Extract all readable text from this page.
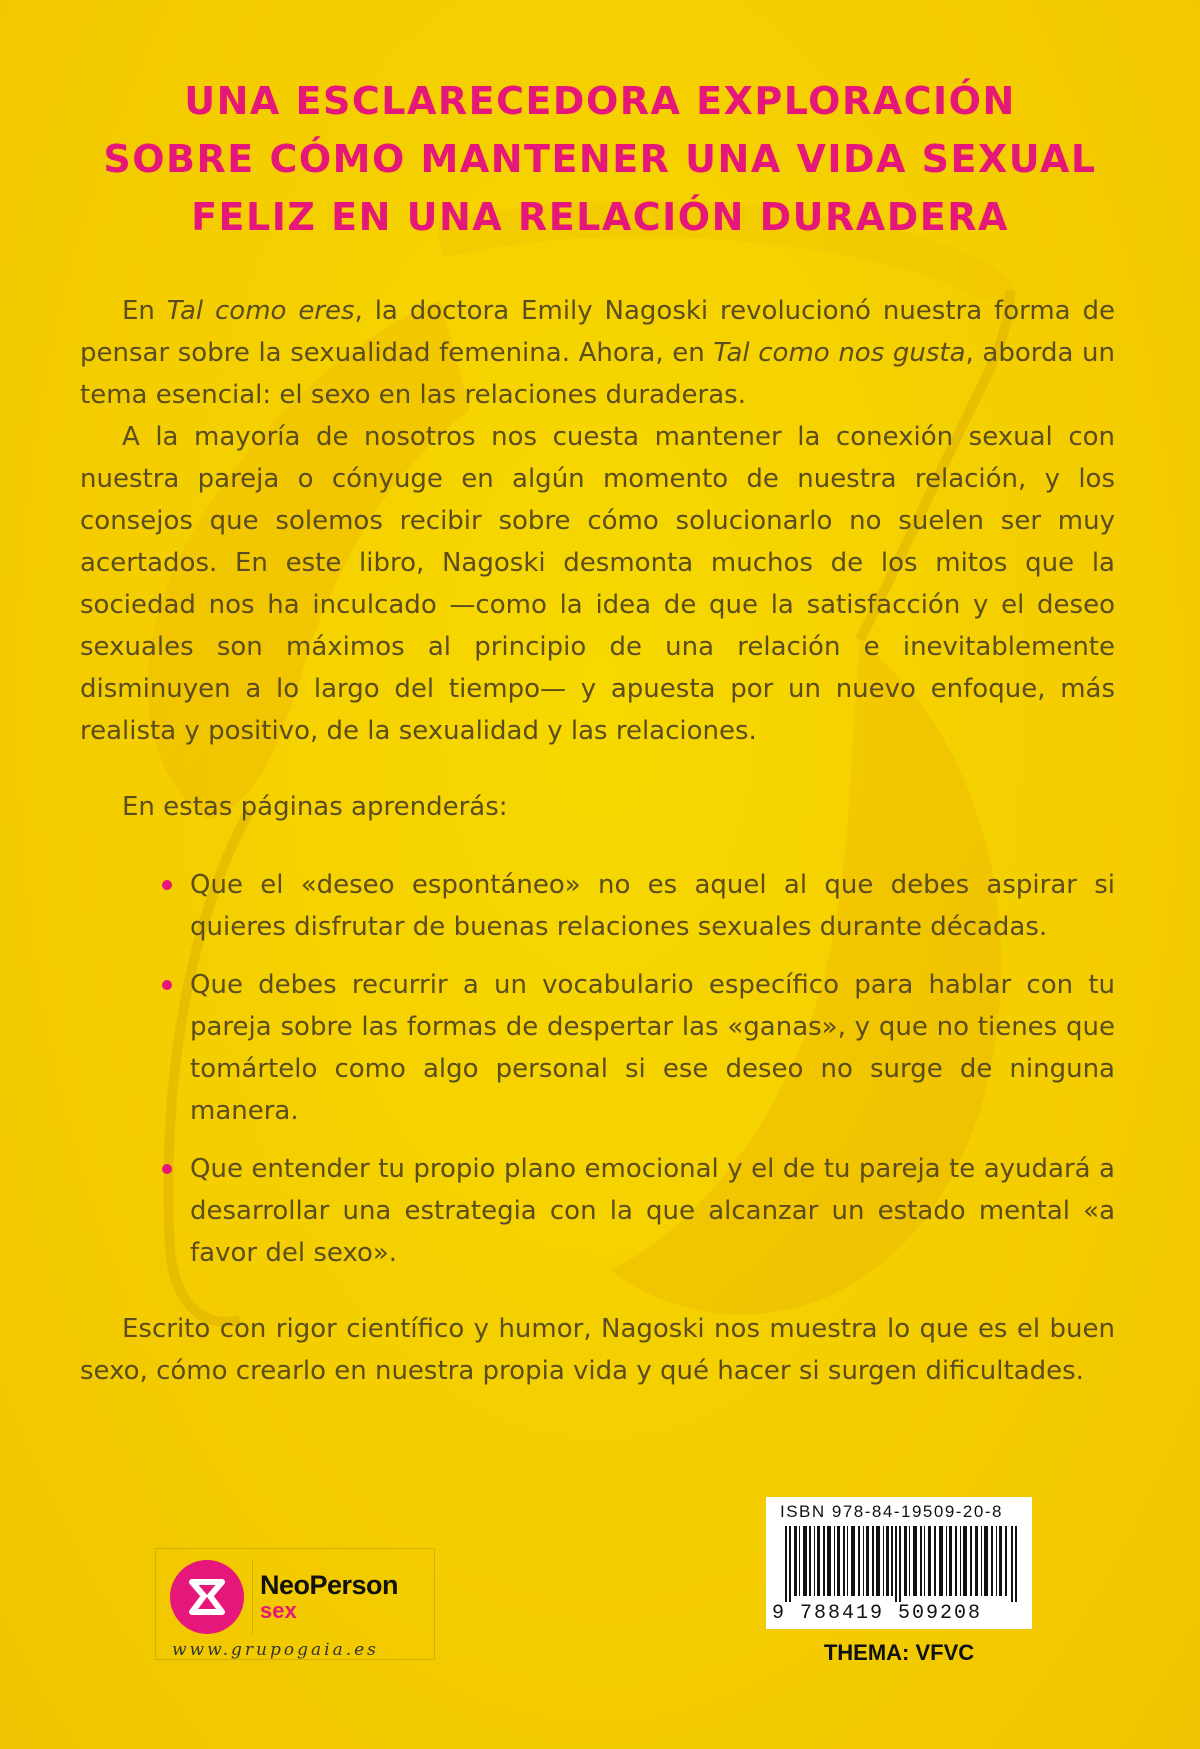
UNA ESCLARECEDORA EXPLORACIÓN
SOBRE CÓMO MANTENER UNA VIDA SEXUAL
FELIZ EN UNA RELACIÓN DURADERA

En Tal como eres, la doctora Emily Nagoski revolucionó nuestra forma de pensar sobre la sexualidad femenina. Ahora, en Tal como nos gusta, aborda un tema esencial: el sexo en las relaciones duraderas.

A la mayoría de nosotros nos cuesta mantener la conexión sexual con nuestra pareja o cónyuge en algún momento de nuestra relación, y los consejos que solemos recibir sobre cómo solucionarlo no suelen ser muy acertados. En este libro, Nagoski desmonta muchos de los mitos que la sociedad nos ha inculcado —como la idea de que la satisfacción y el deseo sexuales son máximos al principio de una relación e inevitablemente disminuyen a lo largo del tiempo— y apuesta por un nuevo enfoque, más realista y positivo, de la sexualidad y las relaciones.

En estas páginas aprenderás:

Que el «deseo espontáneo» no es aquel al que debes aspirar si quieres disfrutar de buenas relaciones sexuales durante décadas.
Que debes recurrir a un vocabulario específico para hablar con tu pareja sobre las formas de despertar las «ganas», y que no tienes que tomártelo como algo personal si ese deseo no surge de ninguna manera.
Que entender tu propio plano emocional y el de tu pareja te ayudará a desarrollar una estrategia con la que alcanzar un estado mental «a favor del sexo».

Escrito con rigor científico y humor, Nagoski nos muestra lo que es el buen sexo, cómo crearlo en nuestra propia vida y qué hacer si surgen dificultades.

NeoPerson
sex
www.grupogaia.es
ISBN 978-84-19509-20-8
9 788419 509208
THEMA: VFVC
